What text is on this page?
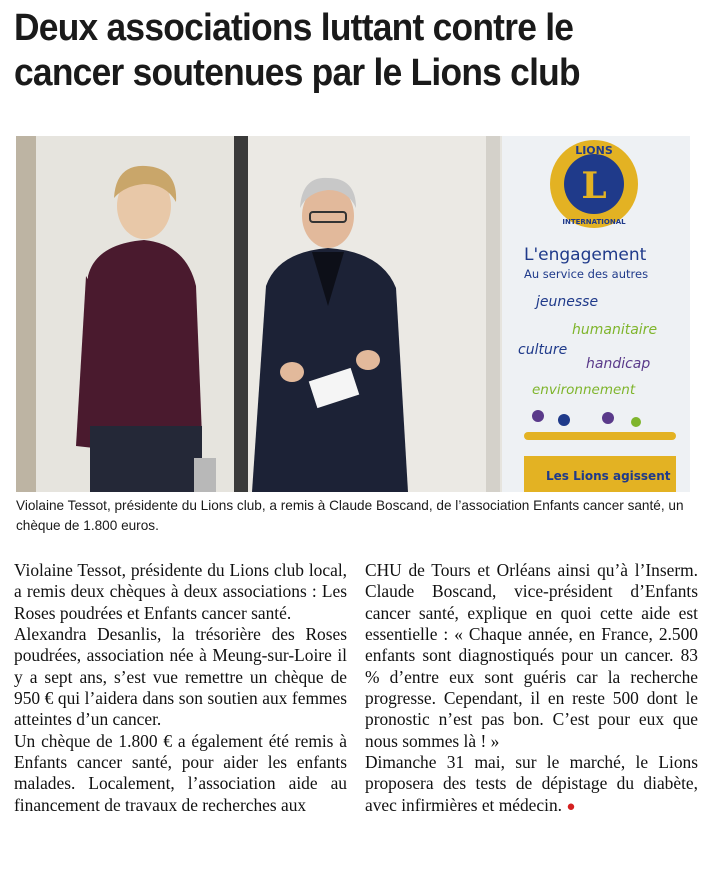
Deux associations luttant contre le cancer soutenues par le Lions club
LIONS
L
INTERNATIONAL
L'engagement
Au service des autres
jeunesse
humanitaire
culture
handicap
environnement
Les Lions agissent
Violaine Tessot, présidente du Lions club, a remis à Claude Boscand, de l’association Enfants cancer santé, un chèque de 1.800 euros.

Violaine Tessot, présidente du Lions club local, a remis deux chèques à deux associations : Les Roses poudrées et Enfants cancer santé.

Alexandra Desanlis, la trésorière des Roses poudrées, association née à Meung-sur-Loire il y a sept ans, s’est vue remettre un chèque de 950 € qui l’aidera dans son soutien aux femmes atteintes d’un cancer.

Un chèque de 1.800 € a également été remis à Enfants cancer santé, pour aider les enfants malades. Localement, l’association aide au financement de travaux de recherches aux

CHU de Tours et Orléans ainsi qu’à l’Inserm. Claude Boscand, vice-président d’Enfants cancer santé, explique en quoi cette aide est essentielle : « Chaque année, en France, 2.500 enfants sont diagnostiqués pour un cancer. 83 % d’entre eux sont guéris car la recherche progresse. Cependant, il en reste 500 dont le pronostic n’est pas bon. C’est pour eux que nous sommes là ! »

Dimanche 31 mai, sur le marché, le Lions proposera des tests de dépistage du diabète, avec infirmières et médecin. ●
